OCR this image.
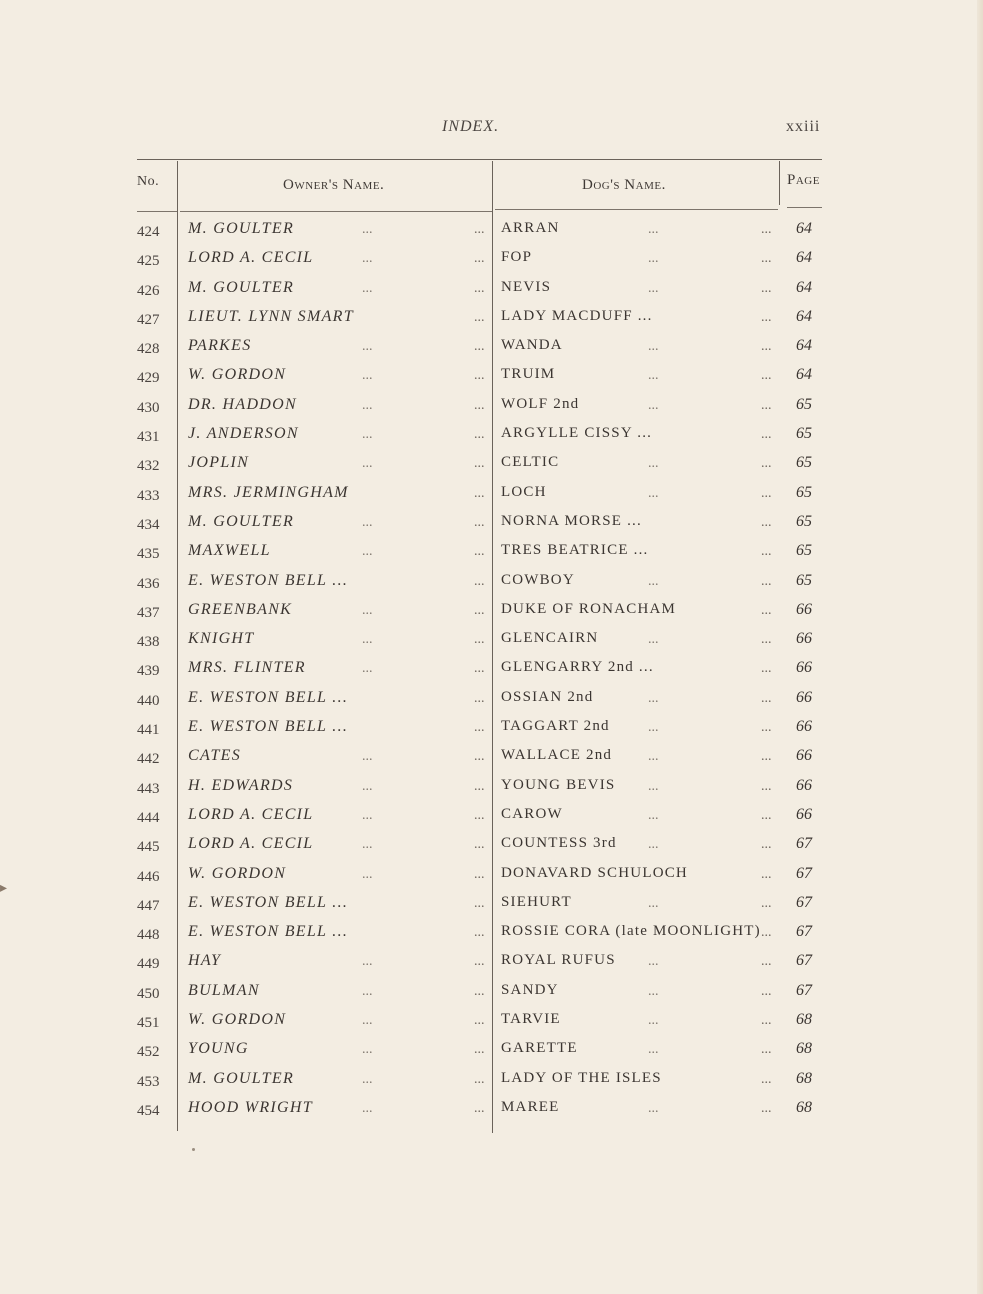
INDEX.	xxiii
No.	Owner's Name.	Dog's Name.	Page
424 M. GOULTER	...	... ARRAN	...	... 64
425 LORD A. CECIL	...	... FOP	...	... 64
426 M. GOULTER	...	... NEVIS	...	... 64
427 LIEUT. LYNN SMART	... LADY MACDUFF ...	... 64
428 PARKES	...	... WANDA	...	... 64
429 W. GORDON	...	... TRUIM	...	... 64
430 DR. HADDON	...	... WOLF 2nd	...	... 65
431 J. ANDERSON	...	... ARGYLLE CISSY ...	... 65
432 JOPLIN	...	... CELTIC	...	... 65
433 MRS. JERMINGHAM	... LOCH	...	... 65
434 M. GOULTER	...	... NORNA MORSE ...	... 65
435 MAXWELL	...	... TRES BEATRICE ...	... 65
436 E. WESTON BELL ...	... COWBOY	...	... 65
437 GREENBANK	...	... DUKE OF RONACHAM	... 66
438 KNIGHT	...	... GLENCAIRN	...	... 66
439 MRS. FLINTER	...	... GLENGARRY 2nd ...	... 66
440 E. WESTON BELL ...	... OSSIAN 2nd	...	... 66
441 E. WESTON BELL ...	... TAGGART 2nd	...	... 66
442 CATES	...	... WALLACE 2nd	...	... 66
443 H. EDWARDS	...	... YOUNG BEVIS ...	... 66
444 LORD A. CECIL	...	... CAROW	...	... 66
445 LORD A. CECIL	...	... COUNTESS 3rd ...	... 67
446 W. GORDON	...	... DONAVARD SCHULOCH	... 67
447 E. WESTON BELL ...	... SIEHURT	...	... 67
448 E. WESTON BELL ...	... ROSSIE CORA (late MOONLIGHT) ... 67
449 HAY	...	... ROYAL RUFUS ...	... 67
450 BULMAN	...	... SANDY	...	... 67
451 W. GORDON	...	... TARVIE	...	... 68
452 YOUNG	...	... GARETTE	...	... 68
453 M. GOULTER	...	... LADY OF THE ISLES	... 68
454 HOOD WRIGHT	...	... MAREE	...	... 68
▸
